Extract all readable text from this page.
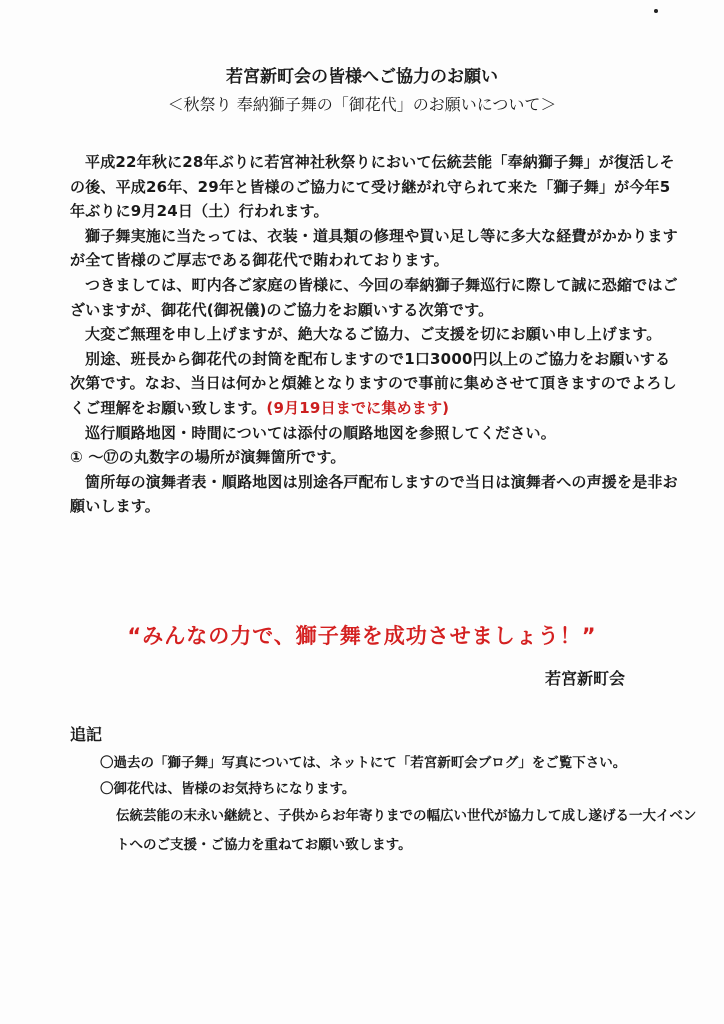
若宮新町会の皆様へご協力のお願い
＜秋祭り 奉納獅子舞の「御花代」のお願いについて＞

平成22年秋に28年ぶりに若宮神社秋祭りにおいて伝統芸能「奉納獅子舞」が復活しその後、平成26年、29年と皆様のご協力にて受け継がれ守られて来た「獅子舞」が今年5年ぶりに9月24日（土）行われます。

獅子舞実施に当たっては、衣装・道具類の修理や買い足し等に多大な経費がかかりますが全て皆様のご厚志である御花代で賄われております。

つきましては、町内各ご家庭の皆様に、今回の奉納獅子舞巡行に際して誠に恐縮ではございますが、御花代(御祝儀)のご協力をお願いする次第です。

大変ご無理を申し上げますが、絶大なるご協力、ご支援を切にお願い申し上げます。

別途、班長から御花代の封筒を配布しますので1口3000円以上のご協力をお願いする次第です。なお、当日は何かと煩雑となりますので事前に集めさせて頂きますのでよろしくご理解をお願い致します。(9月19日までに集めます)

巡行順路地図・時間については添付の順路地図を参照してください。

① ～⑰の丸数字の場所が演舞箇所です。

箇所毎の演舞者表・順路地図は別途各戸配布しますので当日は演舞者への声援を是非お願いします。

“みんなの力で、獅子舞を成功させましょう！”
若宮新町会
追記

〇過去の「獅子舞」写真については、ネットにて「若宮新町会ブログ」をご覧下さい。

〇御花代は、皆様のお気持ちになります。

伝統芸能の末永い継続と、子供からお年寄りまでの幅広い世代が協力して成し遂げる一大イベントへのご支援・ご協力を重ねてお願い致します。
